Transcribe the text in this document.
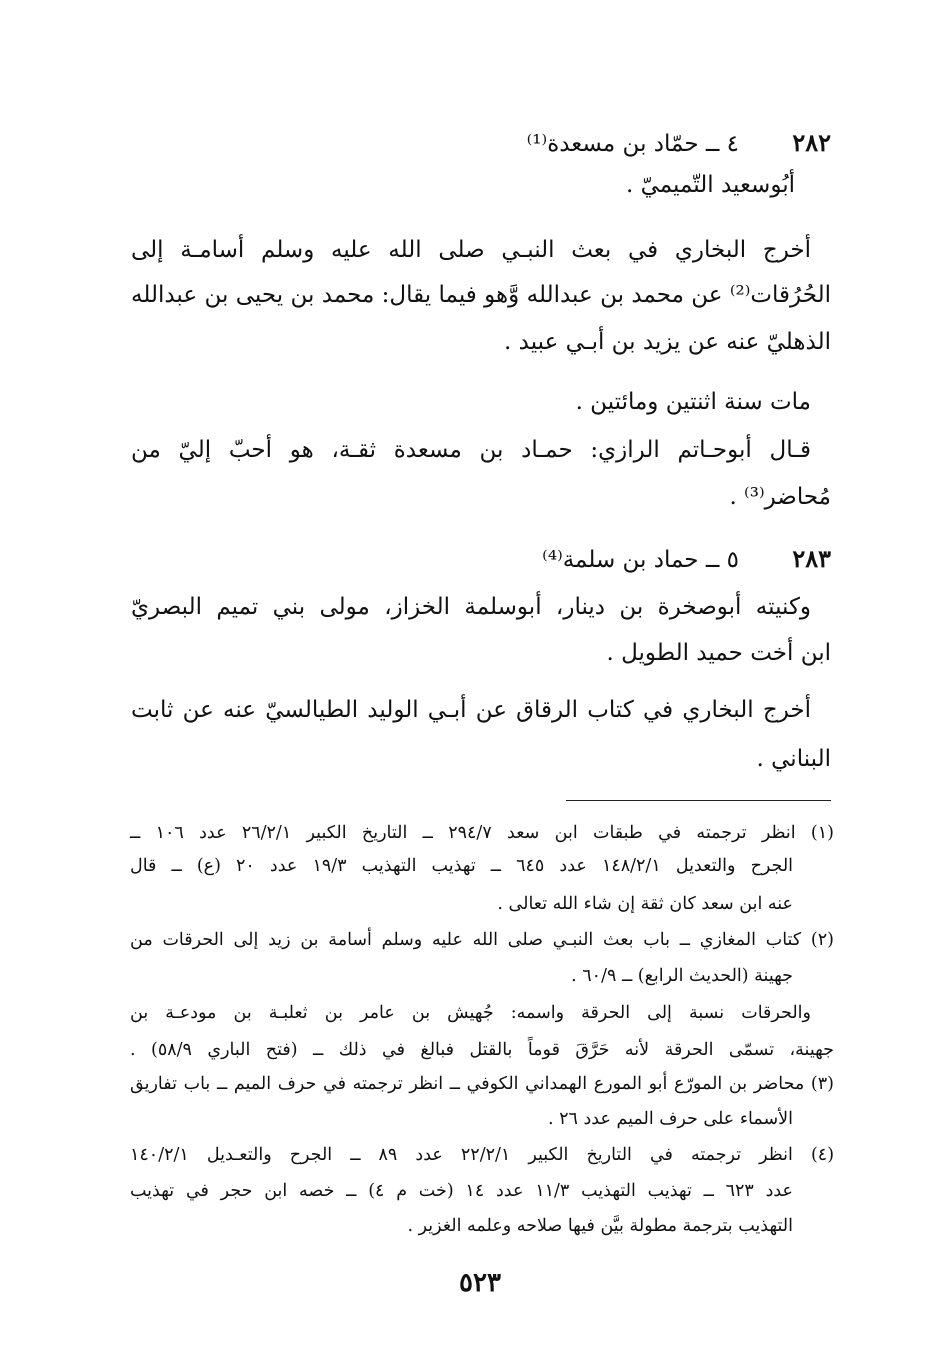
٢٨٢٤ ــ حمّاد بن مسعدة⁽¹⁾
أبُوسعيد التّميميّ .
أخرج البخاري في بعث النبـي صلى الله عليه وسلم أسامـة إلى
الحُرُقات⁽²⁾ عن محمد بن عبدالله وَّهو فيما يقال: محمد بن يحيى بن عبدالله
الذهليّ عنه عن يزيد بن أبـي عبيد .
مات سنة اثنتين ومائتين .
قـال أبوحـاتم الرازي: حمـاد بن مسعدة ثقـة، هو أحبّ إليّ من
مُحاضر⁽³⁾ .
٢٨٣٥ ــ حماد بن سلمة⁽⁴⁾
وكنيته أبوصخرة بن دينار، أبوسلمة الخزاز، مولى بني تميم البصريّ
ابن أخت حميد الطويل .
أخرج البخاري في كتاب الرقاق عن أبـي الوليد الطيالسيّ عنه عن ثابت
البناني .
(١) انظر ترجمته في طبقات ابن سعد ٢٩٤/٧ ــ التاريخ الكبير ٢٦/٢/١ عدد ١٠٦ ــ
الجرح والتعديل ١٤٨/٢/١ عدد ٦٤٥ ــ تهذيب التهذيب ١٩/٣ عدد ٢٠ (ع) ــ قال
عنه ابن سعد كان ثقة إن شاء الله تعالى .
(٢) كتاب المغازي ــ باب بعث النبـي صلى الله عليه وسلم أسامة بن زيد إلى الحرقات من
جهينة (الحديث الرابع) ــ ٦٠/٩ .
والحرقات نسبة إلى الحرقة واسمه: جُهيش بن عامر بن ثعلبـة بن مودعـة بن
جهينة، تسمّى الحرقة لأنه حَرَّقَ قوماً بالقتل فبالغ في ذلك ــ (فتح الباري ٥٨/٩) .
(٣) محاضر بن المورّع أبو المورع الهمداني الكوفي ــ انظر ترجمته في حرف الميم ــ باب تفاريق
الأسماء على حرف الميم عدد ٢٦ .
(٤) انظر ترجمته في التاريخ الكبير ٢٢/٢/١ عدد ٨٩ ــ الجرح والتعـديل ١٤٠/٢/١
عدد ٦٢٣ ــ تهذيب التهذيب ١١/٣ عدد ١٤ (خت م ٤) ــ خصه ابن حجر في تهذيب
التهذيب بترجمة مطولة بيَّن فيها صلاحه وعلمه الغزير .
٥٢٣
